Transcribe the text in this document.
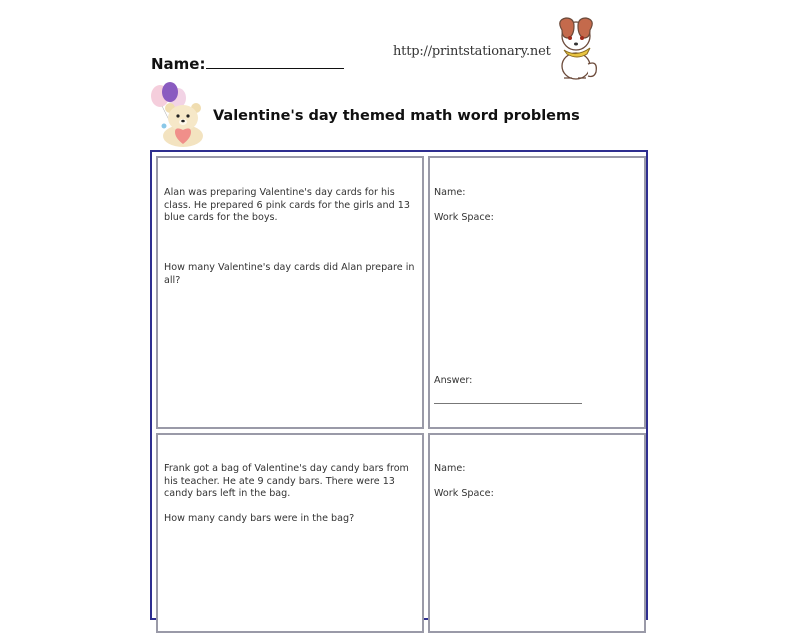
Name:
http://printstationary.net
Valentine's day themed math word problems

Alan was preparing Valentine's day cards for his class. He prepared 6 pink cards for the girls and 13 blue cards for the boys.

How many Valentine's day cards did Alan prepare in all?

Name:
Work Space:
Answer:

Frank got a bag of Valentine's day candy bars from his teacher. He ate 9 candy bars. There were 13 candy bars left in the bag.

How many candy bars were in the bag?

Name:
Work Space:
